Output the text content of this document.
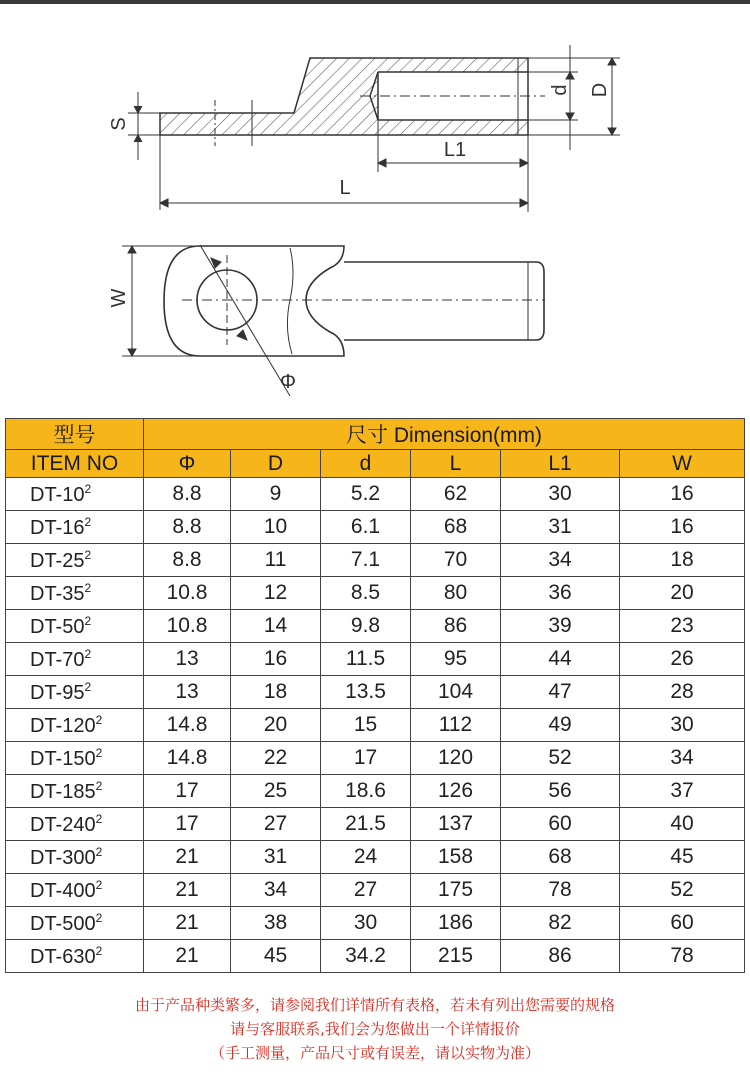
S
d D
L1
L
W
Φ
型号	尺寸 Dimension(mm)					
ITEM NO	Φ	D	d	L	L1	W
$DT-10^2$	8.8	9	5.2	62	30	16
$DT-16^2$	8.8	10	6.1	68	31	16
$DT-25^2$	8.8	11	7.1	70	34	18
$DT-35^2$	10.8	12	8.5	80	36	20
$DT-50^2$	10.8	14	9.8	86	39	23
$DT-70^2$	13	16	11.5	95	44	26
$DT-95^2$	13	18	13.5	104	47	28
$DT-120^2$	14.8	20	15	112	49	30
$DT-150^2$	14.8	22	17	120	52	34
$DT-185^2$	17	25	18.6	126	56	37
$DT-240^2$	17	27	21.5	137	60	40
$DT-300^2$	21	31	24	158	68	45
$DT-400^2$	21	34	27	175	78	52
$DT-500^2$	21	38	30	186	82	60
$DT-630^2$	21	45	34.2	215	86	78
由于产品种类繁多，请参阅我们详情所有表格，若未有列出您需要的规格
请与客服联系,我们会为您做出一个详情报价
（手工测量，产品尺寸或有误差，请以实物为准）
